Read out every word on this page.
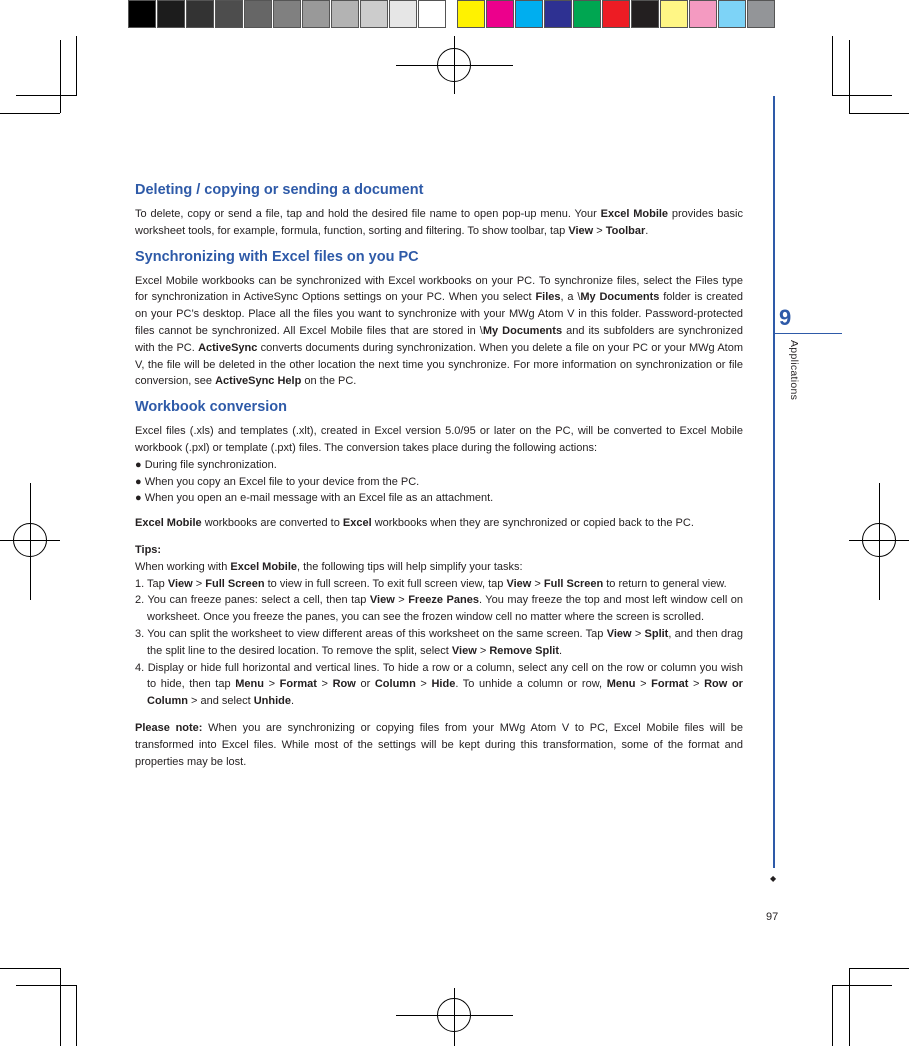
Deleting / copying or sending a document

To delete, copy or send a file, tap and hold the desired file name to open pop-up menu. Your Excel Mobile provides basic worksheet tools, for example, formula, function, sorting and filtering. To show toolbar, tap View > Toolbar.

Synchronizing with Excel files on you PC

Excel Mobile workbooks can be synchronized with Excel workbooks on your PC. To synchronize files, select the Files type for synchronization in ActiveSync Options settings on your PC. When you select Files, a \My Documents folder is created on your PC’s desktop. Place all the files you want to synchronize with your MWg Atom V in this folder. Password-protected files cannot be synchronized. All Excel Mobile files that are stored in \My Documents and its subfolders are synchronized with the PC. ActiveSync converts documents during synchronization. When you delete a file on your PC or your MWg Atom V, the file will be deleted in the other location the next time you synchronize. For more information on synchronization or file conversion, see ActiveSync Help on the PC.

Workbook conversion

Excel files (.xls) and templates (.xlt), created in Excel version 5.0/95 or later on the PC, will be converted to Excel Mobile workbook (.pxl) or template (.pxt) files. The conversion takes place during the following actions:

● During file synchronization.

● When you copy an Excel file to your device from the PC.

● When you open an e-mail message with an Excel file as an attachment.

Excel Mobile workbooks are converted to Excel workbooks when they are synchronized or copied back to the PC.

Tips:

When working with Excel Mobile, the following tips will help simplify your tasks:

1. Tap View > Full Screen to view in full screen. To exit full screen view, tap View > Full Screen to return to general view.
2. You can freeze panes: select a cell, then tap View > Freeze Panes. You may freeze the top and most left window cell on worksheet. Once you freeze the panes, you can see the frozen window cell no matter where the screen is scrolled.
3. You can split the worksheet to view different areas of this worksheet on the same screen. Tap View > Split, and then drag the split line to the desired location. To remove the split, select View > Remove Split.
4. Display or hide full horizontal and vertical lines. To hide a row or a column, select any cell on the row or column you wish to hide, then tap Menu > Format > Row or Column > Hide. To unhide a column or row, Menu > Format > Row or Column > and select Unhide.

Please note: When you are synchronizing or copying files from your MWg Atom V to PC, Excel Mobile files will be transformed into Excel files. While most of the settings will be kept during this transformation, some of the format and properties may be lost.

9
Applications
◆
97
